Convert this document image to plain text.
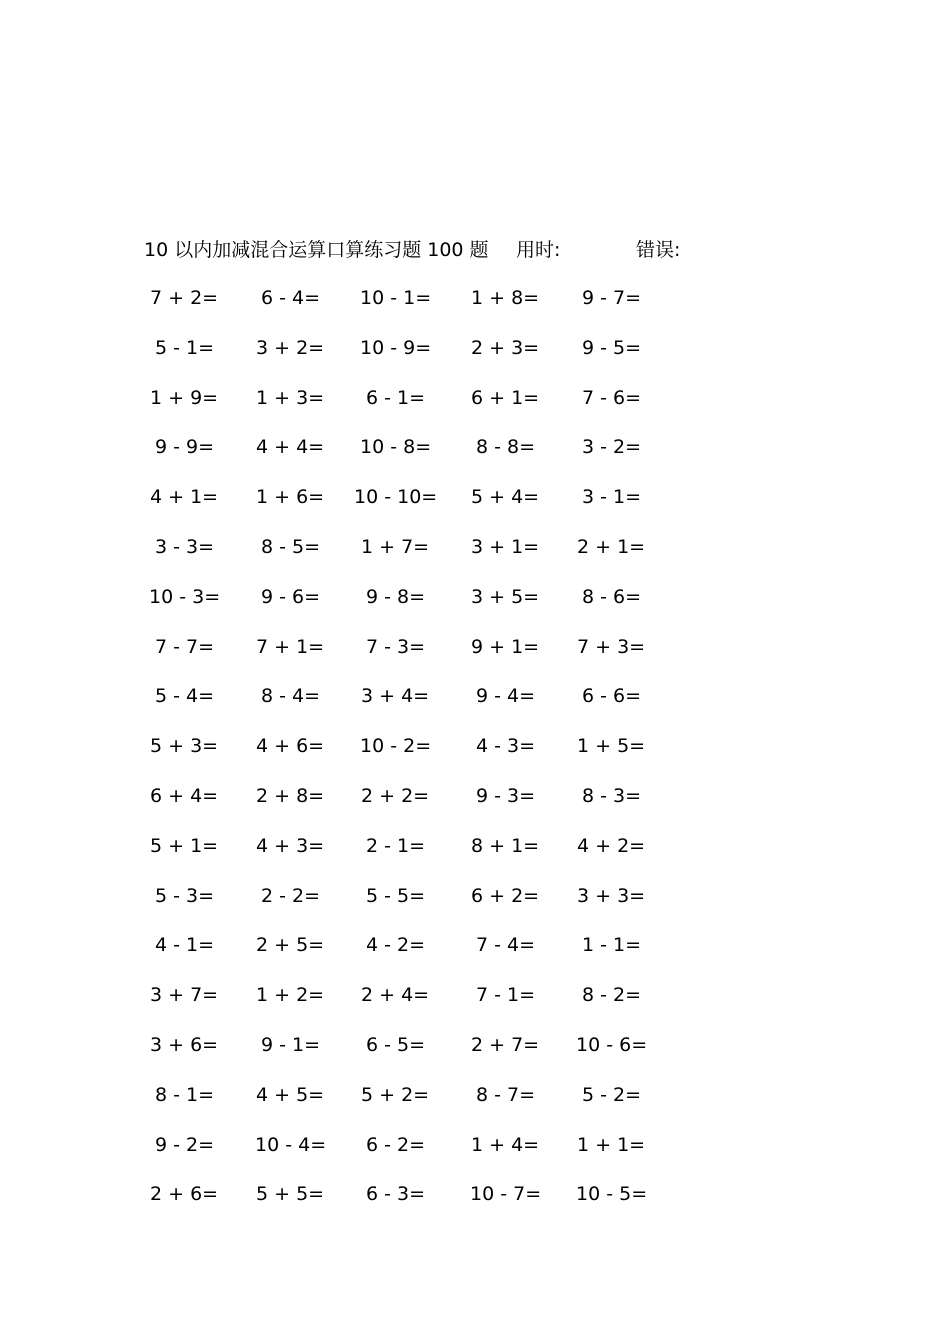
10 以内加减混合运算口算练习题 100 题 用时:	错误:
7 + 2= 6 - 4= 10 - 1= 1 + 8= 9 - 7=
5 - 1= 3 + 2= 10 - 9= 2 + 3= 9 - 5=
1 + 9= 1 + 3= 6 - 1= 6 + 1= 7 - 6=
9 - 9= 4 + 4= 10 - 8= 8 - 8= 3 - 2=
4 + 1= 1 + 6= 10 - 10= 5 + 4= 3 - 1=
3 - 3= 8 - 5= 1 + 7= 3 + 1= 2 + 1=
10 - 3= 9 - 6= 9 - 8= 3 + 5= 8 - 6=
7 - 7= 7 + 1= 7 - 3= 9 + 1= 7 + 3=
5 - 4= 8 - 4= 3 + 4= 9 - 4= 6 - 6=
5 + 3= 4 + 6= 10 - 2= 4 - 3= 1 + 5=
6 + 4= 2 + 8= 2 + 2= 9 - 3= 8 - 3=
5 + 1= 4 + 3= 2 - 1= 8 + 1= 4 + 2=
5 - 3= 2 - 2= 5 - 5= 6 + 2= 3 + 3=
4 - 1= 2 + 5= 4 - 2=	7 - 4= 1 - 1=
3 + 7= 1 + 2= 2 + 4= 7 - 1= 8 - 2=
3 + 6= 9 - 1= 6 - 5= 2 + 7= 10 - 6=
8 - 1= 4 + 5= 5 + 2= 8 - 7= 5 - 2=
9 - 2= 10 - 4= 6 - 2= 1 + 4= 1 + 1=
2 + 6= 5 + 5= 6 - 3= 10 - 7= 10 - 5=
